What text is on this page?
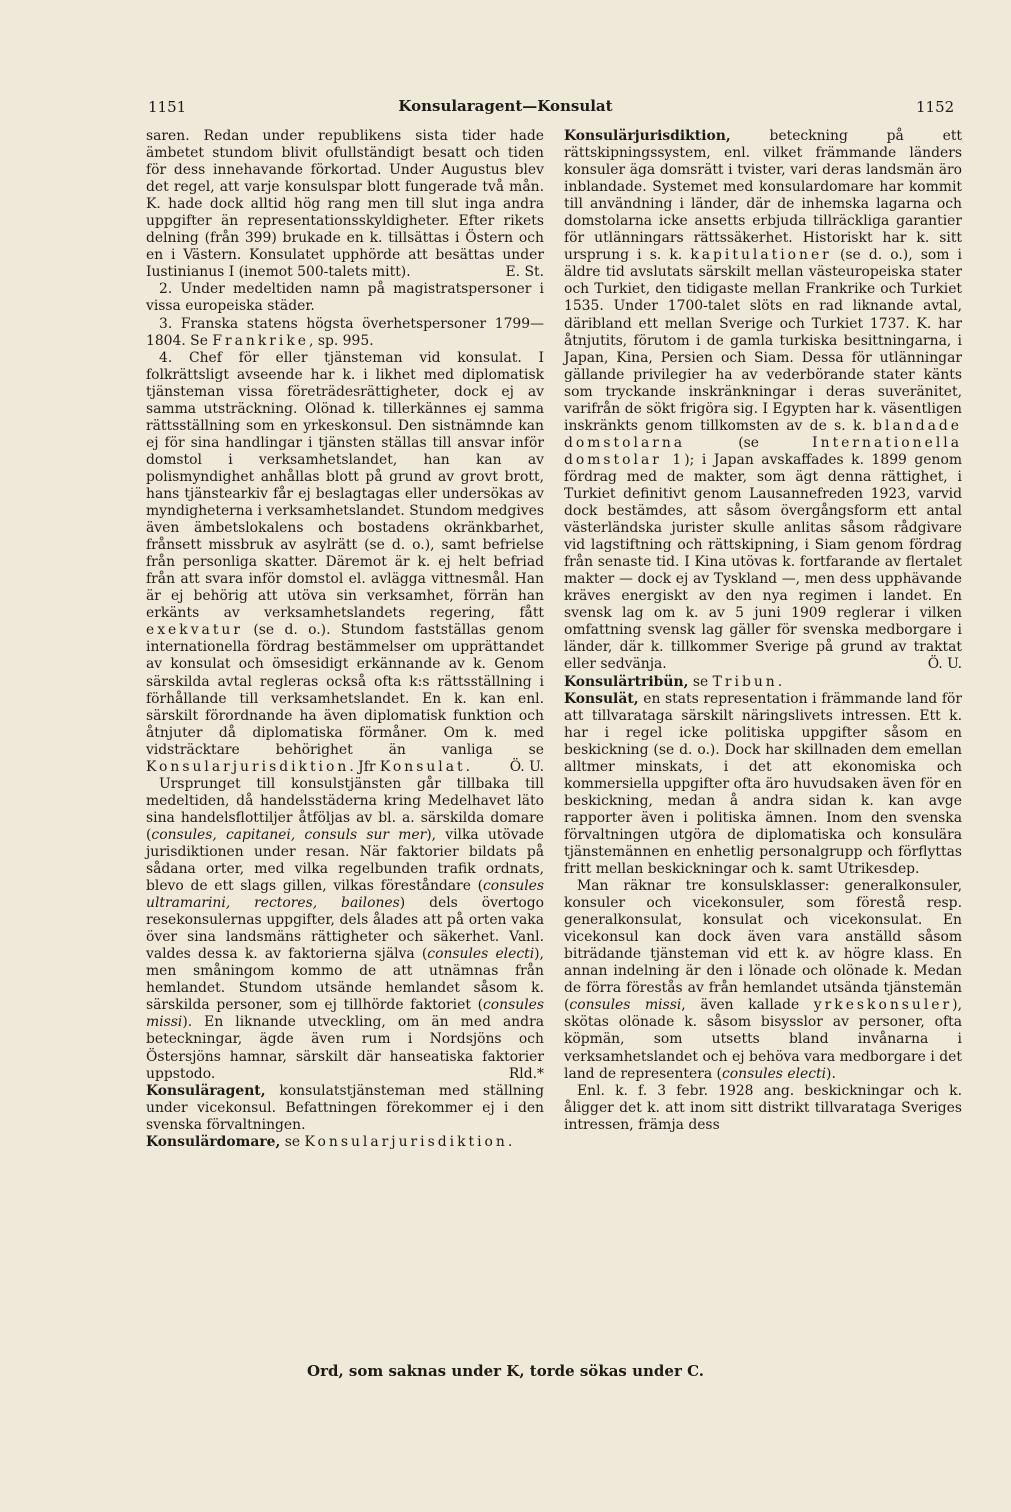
1151	Konsularagent—Konsulat	1152

saren. Redan under republikens sista tider hade ämbetet stundom blivit ofullständigt besatt och tiden för dess innehavande förkortad. Under Augustus blev det regel, att varje konsulspar blott fungerade två mån. K. hade dock alltid hög rang men till slut inga andra uppgifter än representationsskyldigheter. Efter rikets delning (från 399) brukade en k. tillsättas i Östern och en i Västern. Konsulatet upphörde att besättas under Iustinianus I (inemot 500-talets mitt).	E. St.

2. Under medeltiden namn på magistratspersoner i vissa europeiska städer.

3. Franska statens högsta överhetspersoner 1799—1804. Se Frankrike, sp. 995.

4. Chef för eller tjänsteman vid konsulat. I folkrättsligt avseende har k. i likhet med diplomatisk tjänsteman vissa företrädesrättigheter, dock ej av samma utsträckning. Olönad k. tillerkännes ej samma rättsställning som en yrkeskonsul. Den sistnämnde kan ej för sina handlingar i tjänsten ställas till ansvar inför domstol i verksamhetslandet, han kan av polismyndighet anhållas blott på grund av grovt brott, hans tjänstearkiv får ej beslagtagas eller undersökas av myndigheterna i verksamhetslandet. Stundom medgives även ämbetslokalens och bostadens okränkbarhet, frånsett missbruk av asylrätt (se d. o.), samt befrielse från personliga skatter. Däremot är k. ej helt befriad från att svara inför domstol el. avlägga vittnesmål. Han är ej behörig att utöva sin verksamhet, förrän han erkänts av verksamhetslandets regering, fått exekvatur (se d. o.). Stundom fastställas genom internationella fördrag bestämmelser om upprättandet av konsulat och ömsesidigt erkännande av k. Genom särskilda avtal regleras också ofta k:s rättsställning i förhållande till verksamhetslandet. En k. kan enl. särskilt förordnande ha även diplomatisk funktion och åtnjuter då diplomatiska förmåner. Om k. med vidsträcktare behörighet än vanliga se Konsularjurisdiktion. Jfr Konsulat.	Ö. U.

Ursprunget till konsulstjänsten går tillbaka till medeltiden, då handelsstäderna kring Medelhavet läto sina handelsflottiljer åtföljas av bl. a. särskilda domare (consules, capitanei, consuls sur mer), vilka utövade jurisdiktionen under resan. När faktorier bildats på sådana orter, med vilka regelbunden trafik ordnats, blevo de ett slags gillen, vilkas föreståndare (consules ultramarini, rectores, bailones) dels övertogo resekonsulernas uppgifter, dels ålades att på orten vaka över sina landsmäns rättigheter och säkerhet. Vanl. valdes dessa k. av faktorierna själva (consules electi), men småningom kommo de att utnämnas från hemlandet. Stundom utsände hemlandet såsom k. särskilda personer, som ej tillhörde faktoriet (consules missi). En liknande utveckling, om än med andra beteckningar, ägde även rum i Nordsjöns och Östersjöns hamnar, särskilt där hanseatiska faktorier uppstodo.	Rld.*

Konsuläragent, konsulatstjänsteman med ställning under vicekonsul. Befattningen förekommer ej i den svenska förvaltningen.

Konsulärdomare, se Konsularjurisdiktion.

Konsulärjurisdiktion, beteckning på ett rättskipningssystem, enl. vilket främmande länders konsuler äga domsrätt i tvister, vari deras landsmän äro inblandade. Systemet med konsulardomare har kommit till användning i länder, där de inhemska lagarna och domstolarna icke ansetts erbjuda tillräckliga garantier för utlänningars rättssäkerhet. Historiskt har k. sitt ursprung i s. k. kapitulationer (se d. o.), som i äldre tid avslutats särskilt mellan västeuropeiska stater och Turkiet, den tidigaste mellan Frankrike och Turkiet 1535. Under 1700-talet slöts en rad liknande avtal, däribland ett mellan Sverige och Turkiet 1737. K. har åtnjutits, förutom i de gamla turkiska besittningarna, i Japan, Kina, Persien och Siam. Dessa för utlänningar gällande privilegier ha av vederbörande stater känts som tryckande inskränkningar i deras suveränitet, varifrån de sökt frigöra sig. I Egypten har k. väsentligen inskränkts genom tillkomsten av de s. k. blandade domstolarna (se Internationella domstolar 1); i Japan avskaffades k. 1899 genom fördrag med de makter, som ägt denna rättighet, i Turkiet definitivt genom Lausannefreden 1923, varvid dock bestämdes, att såsom övergångsform ett antal västerländska jurister skulle anlitas såsom rådgivare vid lagstiftning och rättskipning, i Siam genom fördrag från senaste tid. I Kina utövas k. fortfarande av flertalet makter — dock ej av Tyskland —, men dess upphävande kräves energiskt av den nya regimen i landet. En svensk lag om k. av 5 juni 1909 reglerar i vilken omfattning svensk lag gäller för svenska medborgare i länder, där k. tillkommer Sverige på grund av traktat eller sedvänja.	Ö. U.

Konsulärtribün, se Tribun.

Konsulät, en stats representation i främmande land för att tillvarataga särskilt näringslivets intressen. Ett k. har i regel icke politiska uppgifter såsom en beskickning (se d. o.). Dock har skillnaden dem emellan alltmer minskats, i det att ekonomiska och kommersiella uppgifter ofta äro huvudsaken även för en beskickning, medan å andra sidan k. kan avge rapporter även i politiska ämnen. Inom den svenska förvaltningen utgöra de diplomatiska och konsulära tjänstemännen en enhetlig personalgrupp och förflyttas fritt mellan beskickningar och k. samt Utrikesdep.

Man räknar tre konsulsklasser: generalkonsuler, konsuler och vicekonsuler, som förestå resp. generalkonsulat, konsulat och vicekonsulat. En vicekonsul kan dock även vara anställd såsom biträdande tjänsteman vid ett k. av högre klass. En annan indelning är den i lönade och olönade k. Medan de förra förestås av från hemlandet utsända tjänstemän (consules missi, även kallade yrkeskonsuler), skötas olönade k. såsom bisysslor av personer, ofta köpmän, som utsetts bland invånarna i verksamhetslandet och ej behöva vara medborgare i det land de representera (consules electi).

Enl. k. f. 3 febr. 1928 ang. beskickningar och k. åligger det k. att inom sitt distrikt tillvarataga Sveriges intressen, främja dess

Ord, som saknas under K, torde sökas under C.
